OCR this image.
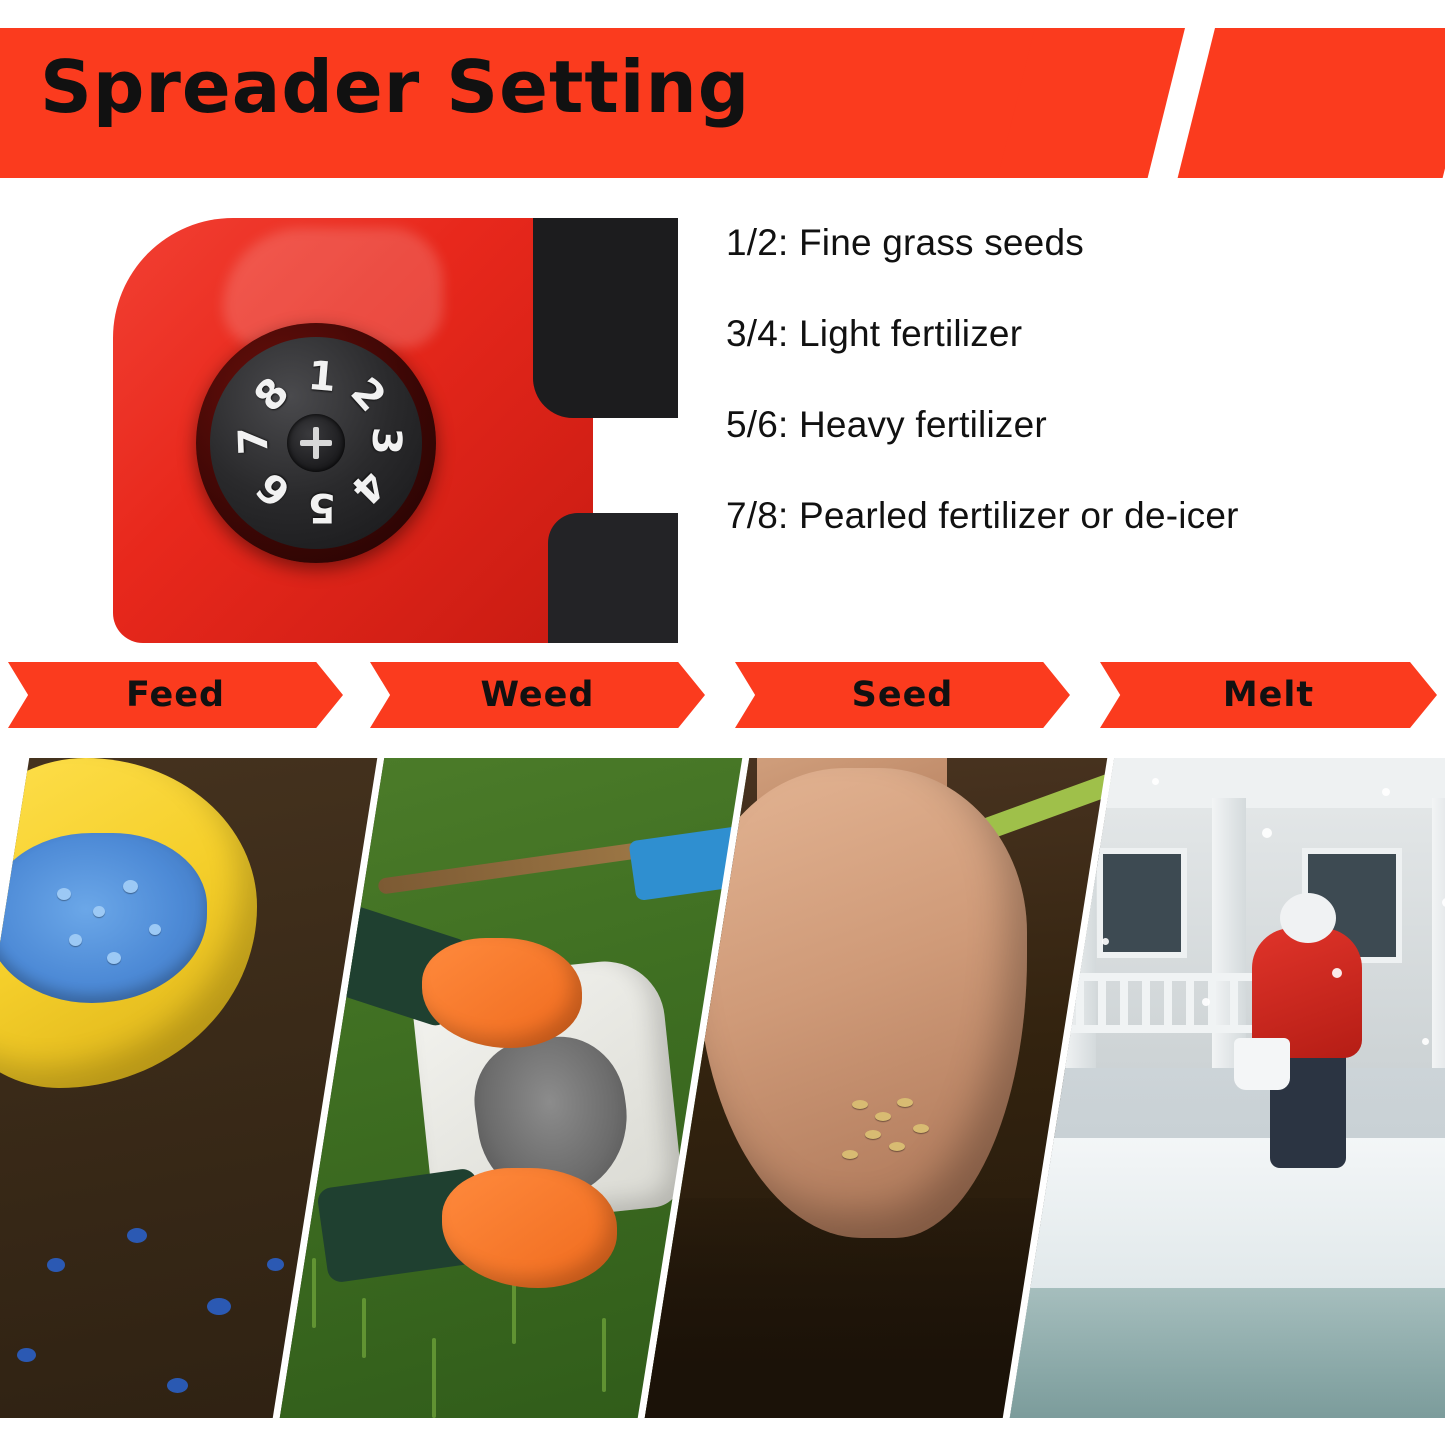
Spreader Setting
1 2
3
4
5
6
7
8
1/2: Fine grass seeds
3/4: Light fertilizer
5/6: Heavy fertilizer
7/8: Pearled fertilizer or de-icer
Feed	Weed	Seed	Melt
